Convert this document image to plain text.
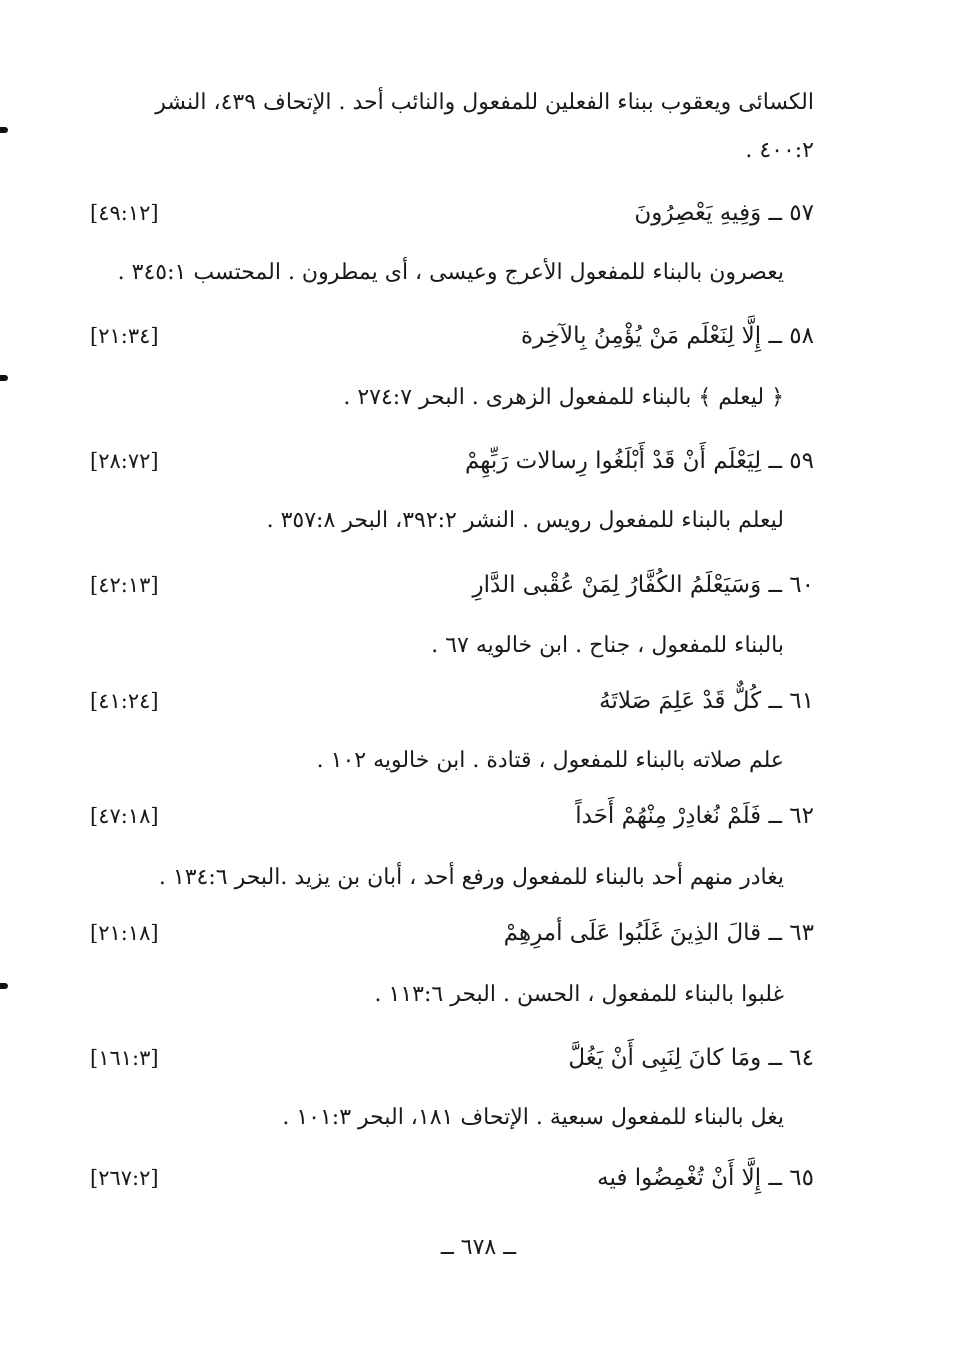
الكسائى ويعقوب ببناء الفعلين للمفعول والنائب أحد . الإتحاف ٤٣٩، النشر
٤٠٠:٢ .
٥٧ ــ وَفِيهِ يَعْصِرُونَ
[٤٩:١٢]
يعصرون بالبناء للمفعول الأعرج وعيسى ، أى يمطرون . المحتسب ٣٤٥:١ .
٥٨ ــ إِلَّا لِنَعْلَم مَنْ يُؤْمِنُ بِالآخِرة
[٢١:٣٤]
﴿ ليعلم ﴾ بالبناء للمفعول الزهرى . البحر ٢٧٤:٧ .
٥٩ ــ لِيَعْلَم أَنْ قَدْ أَبْلَغُوا رِسالات رَبِّهِمْ
[٢٨:٧٢]
ليعلم بالبناء للمفعول رويس . النشر ٣٩٢:٢، البحر ٣٥٧:٨ .
٦٠ ــ وَسَيَعْلَمُ الكُفَّارُ لِمَنْ عُقْبى الدَّارِ
[٤٢:١٣]
بالبناء للمفعول ، جناح . ابن خالويه ٦٧ .
٦١ ــ كُلٌّ قَدْ عَلِمَ صَلاتَهُ
[٤١:٢٤]
علم صلاته بالبناء للمفعول ، قتادة . ابن خالويه ١٠٢ .
٦٢ ــ فَلَمْ نُغادِرْ مِنْهُمْ أَحَداً
[٤٧:١٨]
يغادر منهم أحد بالبناء للمفعول ورفع أحد ، أبان بن يزيد .البحر ١٣٤:٦ .
٦٣ ــ قالَ الذِينَ غَلَبُوا عَلَى أمرِهِمْ
[٢١:١٨]
غلبوا بالبناء للمفعول ، الحسن . البحر ١١٣:٦ .
٦٤ ــ ومَا كانَ لِنَبِى أَنْ يَغُلَّ
[١٦١:٣]
يغل بالبناء للمفعول سبعية . الإتحاف ١٨١، البحر ١٠١:٣ .
٦٥ ــ إِلَّا أَنْ تُغْمِضُوا فيه
[٢٦٧:٢]
ــ ٦٧٨ ــ
